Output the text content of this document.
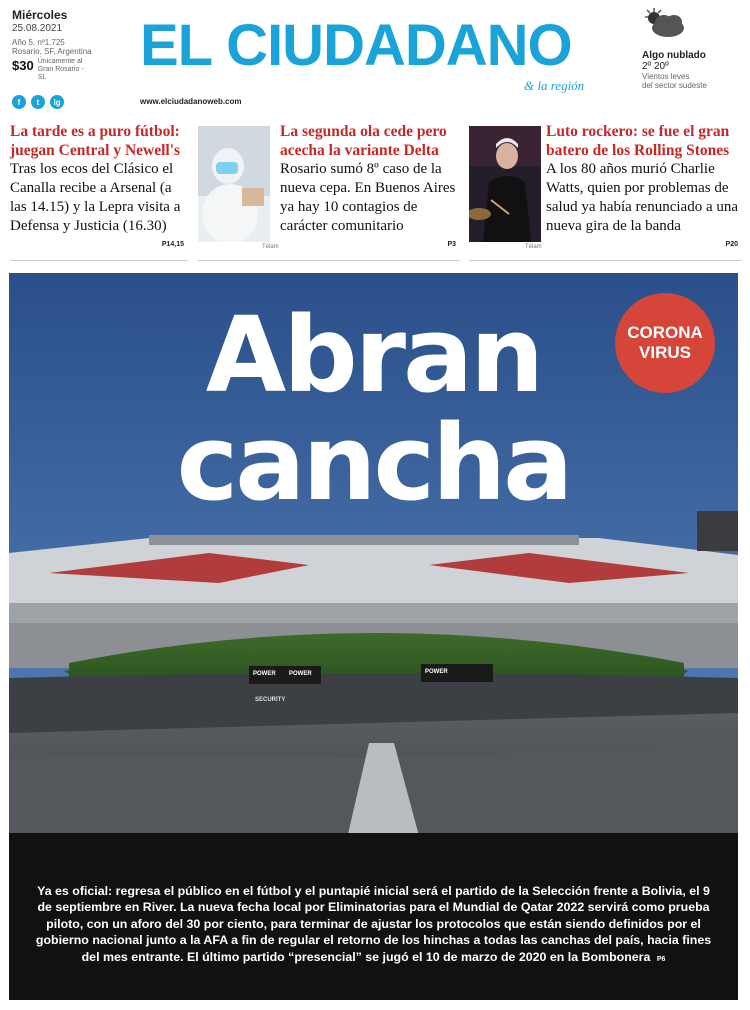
Miércoles
25.08.2021
Año 5. nº1.725
Rosario, SF, Argentina
$30 Únicamente al Gran Rosario - SL	EL CIUDADANO
& la región
www.elciudadanoweb.com
f	t	ig
Algo nublado
2º 20º
Vientos leves
del sector sudeste
La tarde es a puro fútbol: juegan Central y Newell's
Tras los ecos del Clásico el Canalla recibe a Arsenal (a las 14.15) y la Lepra visita a Defensa y Justicia (16.30)
P14,15	Télam
La segunda ola cede pero acecha la variante Delta
Rosario sumó 8º caso de la nueva cepa. En Buenos Aires ya hay 10 contagios de carácter comunitario
P3	Télam
Luto rockero: se fue el gran batero de los Rolling Stones
A los 80 años murió Charlie Watts, quien por problemas de salud ya había renunciado a una nueva gira de la banda
P20
Abran
cancha
CORONA
VIRUS
POWER POWER
SECURITY
POWER
Ya es oficial: regresa el público en el fútbol y el puntapié inicial será el partido de la Selección frente a Bolivia, el 9 de septiembre en River. La nueva fecha local por Eliminatorias para el Mundial de Qatar 2022 servirá como prueba piloto, con un aforo del 30 por ciento, para terminar de ajustar los protocolos que están siendo definidos por el gobierno nacional junto a la AFA a fin de regular el retorno de los hinchas a todas las canchas del país, hacia fines del mes entrante. El último partido “presencial” se jugó el 10 de marzo de 2020 en la Bombonera P6
